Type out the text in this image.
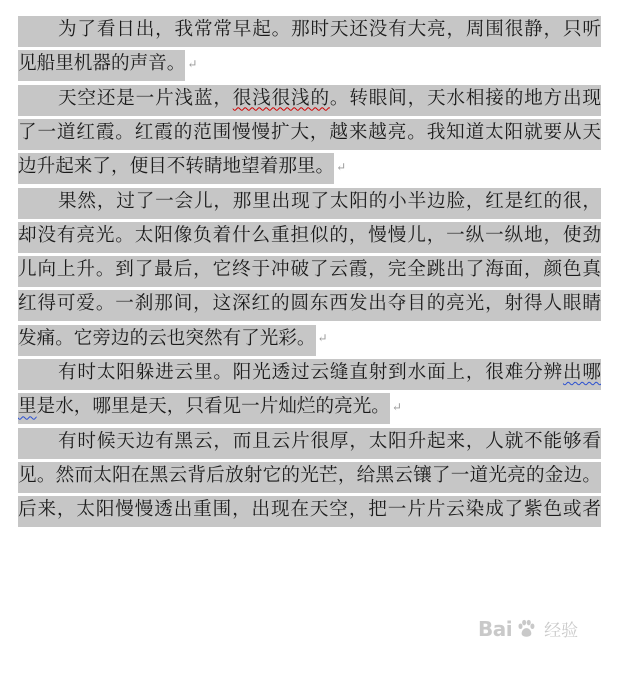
为了看日出，我常常早起。那时天还没有大亮，周围很静，只听
见船里机器的声音。 ↵
天空还是一片浅蓝，很浅很浅的。转眼间，天水相接的地方出现
了一道红霞。红霞的范围慢慢扩大，越来越亮。我知道太阳就要从天
边升起来了，便目不转睛地望着那里。 ↵
果然，过了一会儿，那里出现了太阳的小半边脸，红是红的很，
却没有亮光。太阳像负着什么重担似的，慢慢儿，一纵一纵地，使劲
儿向上升。到了最后，它终于冲破了云霞，完全跳出了海面，颜色真
红得可爱。一刹那间，这深红的圆东西发出夺目的亮光，射得人眼睛
发痛。它旁边的云也突然有了光彩。 ↵
有时太阳躲进云里。阳光透过云缝直射到水面上，很难分辨出哪
里是水，哪里是天，只看见一片灿烂的亮光。 ↵
有时候天边有黑云，而且云片很厚，太阳升起来，人就不能够看
见。然而太阳在黑云背后放射它的光芒，给黑云镶了一道光亮的金边。
后来，太阳慢慢透出重围，出现在天空，把一片片云染成了紫色或者
Bai 经验
